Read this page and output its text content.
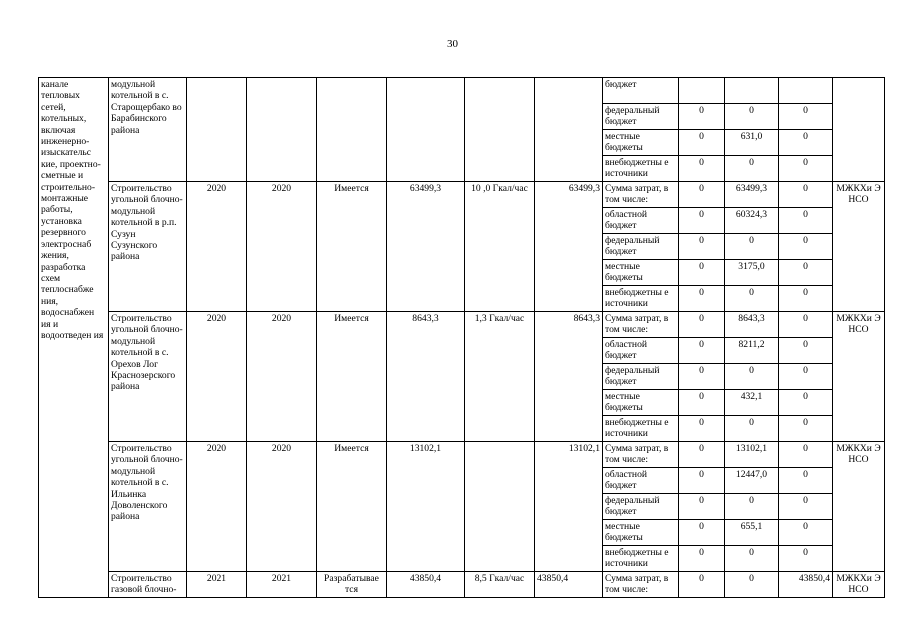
30
канале тепловых сетей, котельных, включая инженерно-изыскательс кие, проектно-сметные и строительно-монтажные работы, установка резервного электроснаб жения, разработка схем теплоснабже ния, водоснабжен ия и водоотведен ия	модульной котельной в с. Старощербако во Барабинского района							бюджет				
								федеральный бюджет	0	0	0	
								местные бюджеты	0	631,0	0	
								внебюджетны е источники	0	0	0	
	Строительство угольной блочно-модульной котельной в р.п. Сузун Сузунского района	2020	2020	Имеется	63499,3	10 ,0 Гкал/час	63499,3	Сумма затрат, в том числе:	0	63499,3	0	МЖКХи Э НСО
								областной бюджет	0	60324,3	0	
								федеральный бюджет	0	0	0	
								местные бюджеты	0	3175,0	0	
								внебюджетны е источники	0	0	0	
	Строительство угольной блочно-модульной котельной в с. Орехов Лог Краснозерского района	2020	2020	Имеется	8643,3	1,3 Гкал/час	8643,3	Сумма затрат, в том числе:	0	8643,3	0	МЖКХи Э НСО
								областной бюджет	0	8211,2	0	
								федеральный бюджет	0	0	0	
								местные бюджеты	0	432,1	0	
								внебюджетны е источники	0	0	0	
	Строительство угольной блочно-модульной котельной в с. Ильинка Доволенского района	2020	2020	Имеется	13102,1		13102,1	Сумма затрат, в том числе:	0	13102,1	0	МЖКХи Э НСО
								областной бюджет	0	12447,0	0	
								федеральный бюджет	0	0	0	
								местные бюджеты	0	655,1	0	
								внебюджетны е источники	0	0	0	
	Строительство газовой блочно-	2021	2021	Разрабатывае тся	43850,4	8,5 Гкал/час	43850,4	Сумма затрат, в том числе:	0	0	43850,4	МЖКХи Э НСО
